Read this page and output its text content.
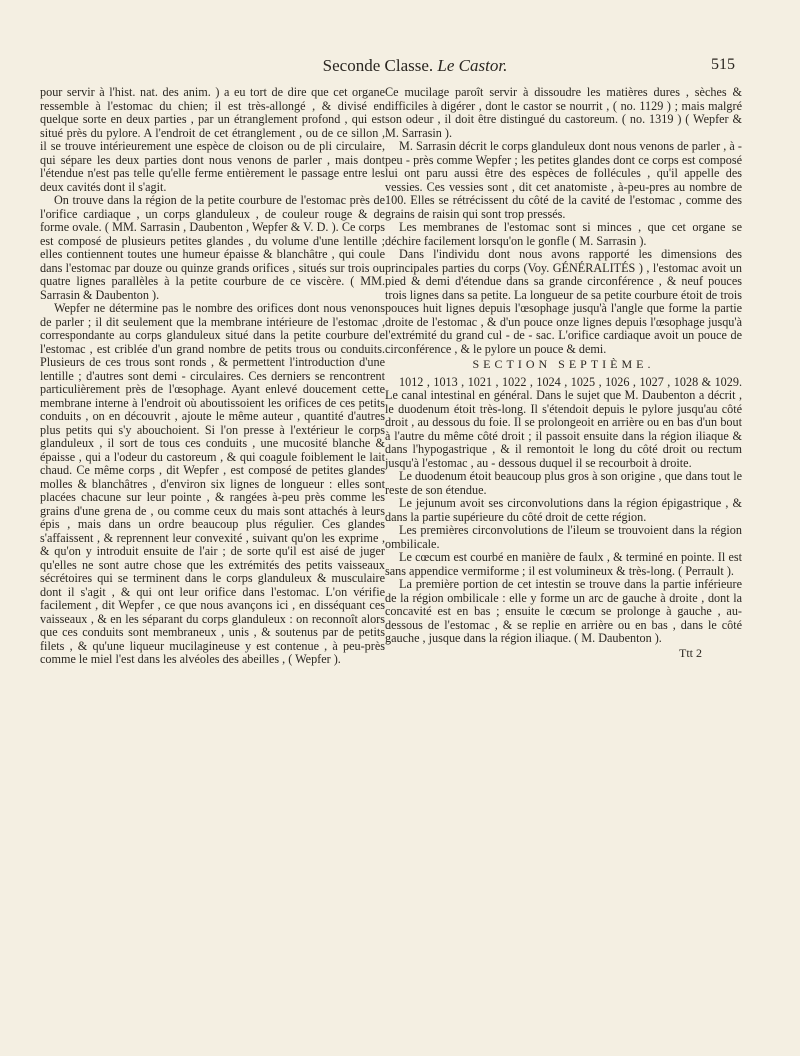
Seconde Classe. Le Castor.	515

pour servir à l'hist. nat. des anim. ) a eu tort de dire que cet organe ressemble à l'estomac du chien; il est très-allongé , & divisé en quelque sorte en deux parties , par un étranglement profond , qui est situé près du pylore. A l'endroit de cet étranglement , ou de ce sillon , il se trouve intérieurement une espèce de cloison ou de pli circulaire, qui sépare les deux parties dont nous venons de parler , mais dont l'étendue n'est pas telle qu'elle ferme entièrement le passage entre les deux cavités dont il s'agit.

On trouve dans la région de la petite courbure de l'estomac près de l'orifice cardiaque , un corps glanduleux , de couleur rouge & de forme ovale. ( MM. Sarrasin , Daubenton , Wepfer & V. D. ). Ce corps est composé de plusieurs petites glandes , du volume d'une lentille ; elles contiennent toutes une humeur épaisse & blanchâtre , qui coule dans l'estomac par douze ou quinze grands orifices , situés sur trois ou quatre lignes parallèles à la petite courbure de ce viscère. ( MM. Sarrasin & Daubenton ).

Wepfer ne détermine pas le nombre des orifices dont nous venons de parler ; il dit seulement que la membrane intérieure de l'estomac , correspondante au corps glanduleux situé dans la petite courbure de l'estomac , est criblée d'un grand nombre de petits trous ou conduits. Plusieurs de ces trous sont ronds , & permettent l'introduction d'une lentille ; d'autres sont demi - circulaires. Ces derniers se rencontrent particulièrement près de l'œsophage. Ayant enlevé doucement cette membrane interne à l'endroit où aboutissoient les orifices de ces petits conduits , on en découvrit , ajoute le même auteur , quantité d'autres plus petits qui s'y abouchoient. Si l'on presse à l'extérieur le corps glanduleux , il sort de tous ces conduits , une mucosité blanche & épaisse , qui a l'odeur du castoreum , & qui coagule foiblement le lait chaud. Ce même corps , dit Wepfer , est composé de petites glandes molles & blanchâtres , d'environ six lignes de longueur : elles sont placées chacune sur leur pointe , & rangées à-peu près comme les grains d'une grena de , ou comme ceux du mais sont attachés à leurs épis , mais dans un ordre beaucoup plus régulier. Ces glandes s'affaissent , & reprennent leur convexité , suivant qu'on les exprime , & qu'on y introduit ensuite de l'air ; de sorte qu'il est aisé de juger qu'elles ne sont autre chose que les extrémités des petits vaisseaux sécrétoires qui se terminent dans le corps glanduleux & musculaire dont il s'agit , & qui ont leur orifice dans l'estomac. L'on vérifie facilement , dit Wepfer , ce que nous avançons ici , en disséquant ces vaisseaux , & en les séparant du corps glanduleux : on reconnoît alors que ces conduits sont membraneux , unis , & soutenus par de petits filets , & qu'une liqueur mucilagineuse y est contenue , à peu-près comme le miel l'est dans les alvéoles des abeilles , ( Wepfer ).

Ce mucilage paroît servir à dissoudre les matières dures , sèches & difficiles à digérer , dont le castor se nourrit , ( no. 1129 ) ; mais malgré son odeur , il doit être distingué du castoreum. ( no. 1319 ) ( Wepfer & M. Sarrasin ).

M. Sarrasin décrit le corps glanduleux dont nous venons de parler , à - peu - près comme Wepfer ; les petites glandes dont ce corps est composé lui ont paru aussi être des espèces de follécules , qu'il appelle des vessies. Ces vessies sont , dit cet anatomiste , à-peu-pres au nombre de 100. Elles se rétrécissent du côté de la cavité de l'estomac , comme des grains de raisin qui sont trop pressés.

Les membranes de l'estomac sont si minces , que cet organe se déchire facilement lorsqu'on le gonfle ( M. Sarrasin ).

Dans l'individu dont nous avons rapporté les dimensions des principales parties du corps (Voy. GÉNÉRALITÉS ) , l'estomac avoit un pied & demi d'étendue dans sa grande circonférence , & neuf pouces trois lignes dans sa petite. La longueur de sa petite courbure étoit de trois pouces huit lignes depuis l'œsophage jusqu'à l'angle que forme la partie droite de l'estomac , & d'un pouce onze lignes depuis l'œsophage jusqu'à l'extrémité du grand cul - de - sac. L'orifice cardiaque avoit un pouce de circonférence , & le pylore un pouce & demi.

SECTION SEPTIÈME.

1012 , 1013 , 1021 , 1022 , 1024 , 1025 , 1026 , 1027 , 1028 & 1029. Le canal intestinal en général. Dans le sujet que M. Daubenton a décrit , le duodenum étoit très-long. Il s'étendoit depuis le pylore jusqu'au côté droit , au dessous du foie. Il se prolongeoit en arrière ou en bas d'un bout à l'autre du même côté droit ; il passoit ensuite dans la région iliaque & dans l'hypogastrique , & il remontoit le long du côté droit ou rectum jusqu'à l'estomac , au - dessous duquel il se recourboit à droite.

Le duodenum étoit beaucoup plus gros à son origine , que dans tout le reste de son étendue.

Le jejunum avoit ses circonvolutions dans la région épigastrique , & dans la partie supérieure du côté droit de cette région.

Les premières circonvolutions de l'ileum se trouvoient dans la région ombilicale.

Le cœcum est courbé en manière de faulx , & terminé en pointe. Il est sans appendice vermiforme ; il est volumineux & très-long. ( Perrault ).

La première portion de cet intestin se trouve dans la partie inférieure de la région ombilicale : elle y forme un arc de gauche à droite , dont la concavité est en bas ; ensuite le cœcum se prolonge à gauche , au-dessous de l'estomac , & se replie en arrière ou en bas , dans le côté gauche , jusque dans la région iliaque. ( M. Daubenton ).

Ttt 2
